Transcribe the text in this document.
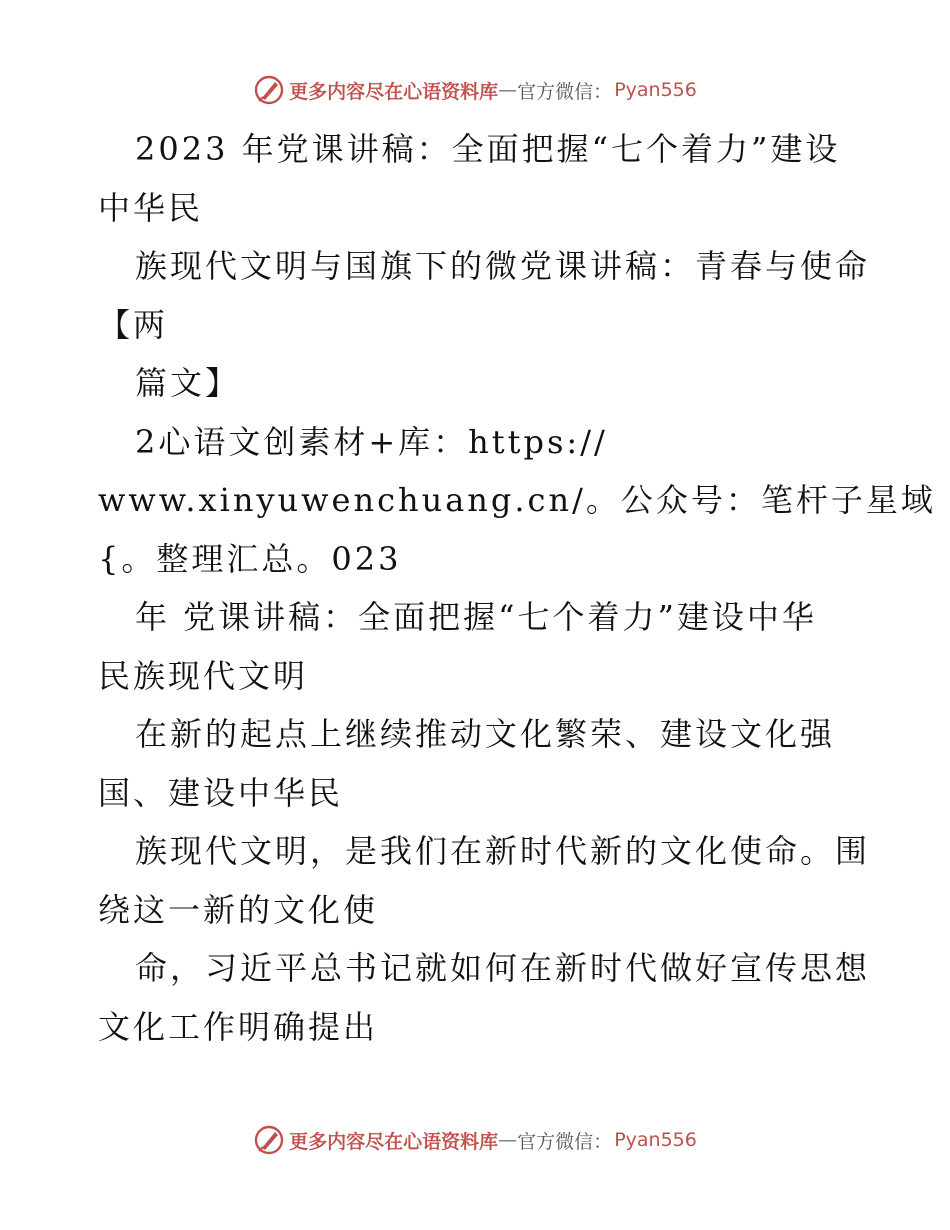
更多内容尽在心语资料库 — 官方微信： Pyan556
2023 年党课讲稿：全面把握“七个着力”建设
中华民
族现代文明与国旗下的微党课讲稿：青春与使命
【两
篇文】
2心语文创素材+库：https://
www.xinyuwenchuang.cn/。公众号：笔杆子星域
{。整理汇总。023
年 党课讲稿：全面把握“七个着力”建设中华
民族现代文明
在新的起点上继续推动文化繁荣、建设文化强
国、建设中华民
族现代文明，是我们在新时代新的文化使命。围
绕这一新的文化使
命，习近平总书记就如何在新时代做好宣传思想
文化工作明确提出
更多内容尽在心语资料库 — 官方微信： Pyan556
